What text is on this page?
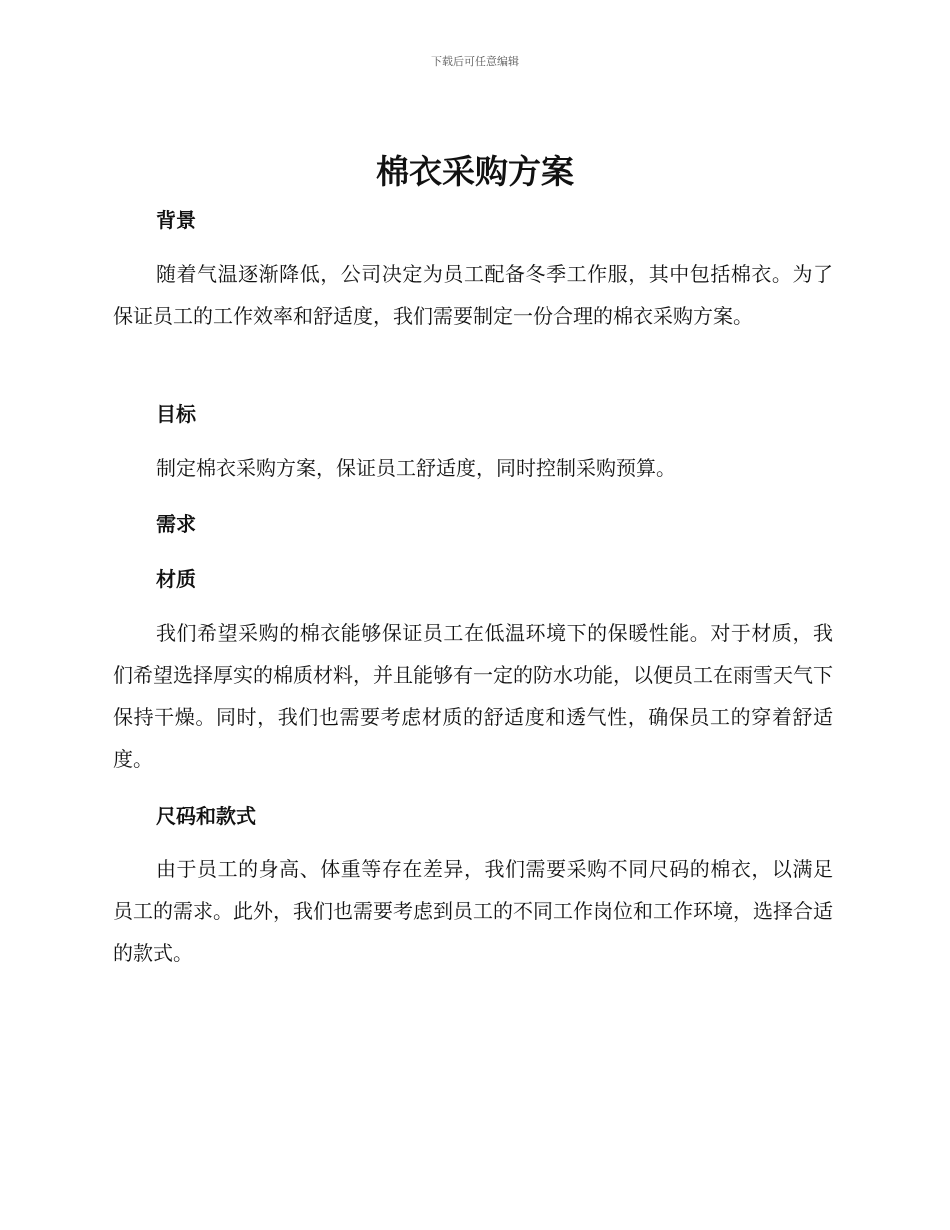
下载后可任意编辑
棉衣采购方案
背景

随着气温逐渐降低，公司决定为员工配备冬季工作服，其中包括棉衣。为了保证员工的工作效率和舒适度，我们需要制定一份合理的棉衣采购方案。

目标

制定棉衣采购方案，保证员工舒适度，同时控制采购预算。

需求
材质

我们希望采购的棉衣能够保证员工在低温环境下的保暖性能。对于材质，我们希望选择厚实的棉质材料，并且能够有一定的防水功能，以便员工在雨雪天气下保持干燥。同时，我们也需要考虑材质的舒适度和透气性，确保员工的穿着舒适度。

尺码和款式

由于员工的身高、体重等存在差异，我们需要采购不同尺码的棉衣，以满足员工的需求。此外，我们也需要考虑到员工的不同工作岗位和工作环境，选择合适的款式。
